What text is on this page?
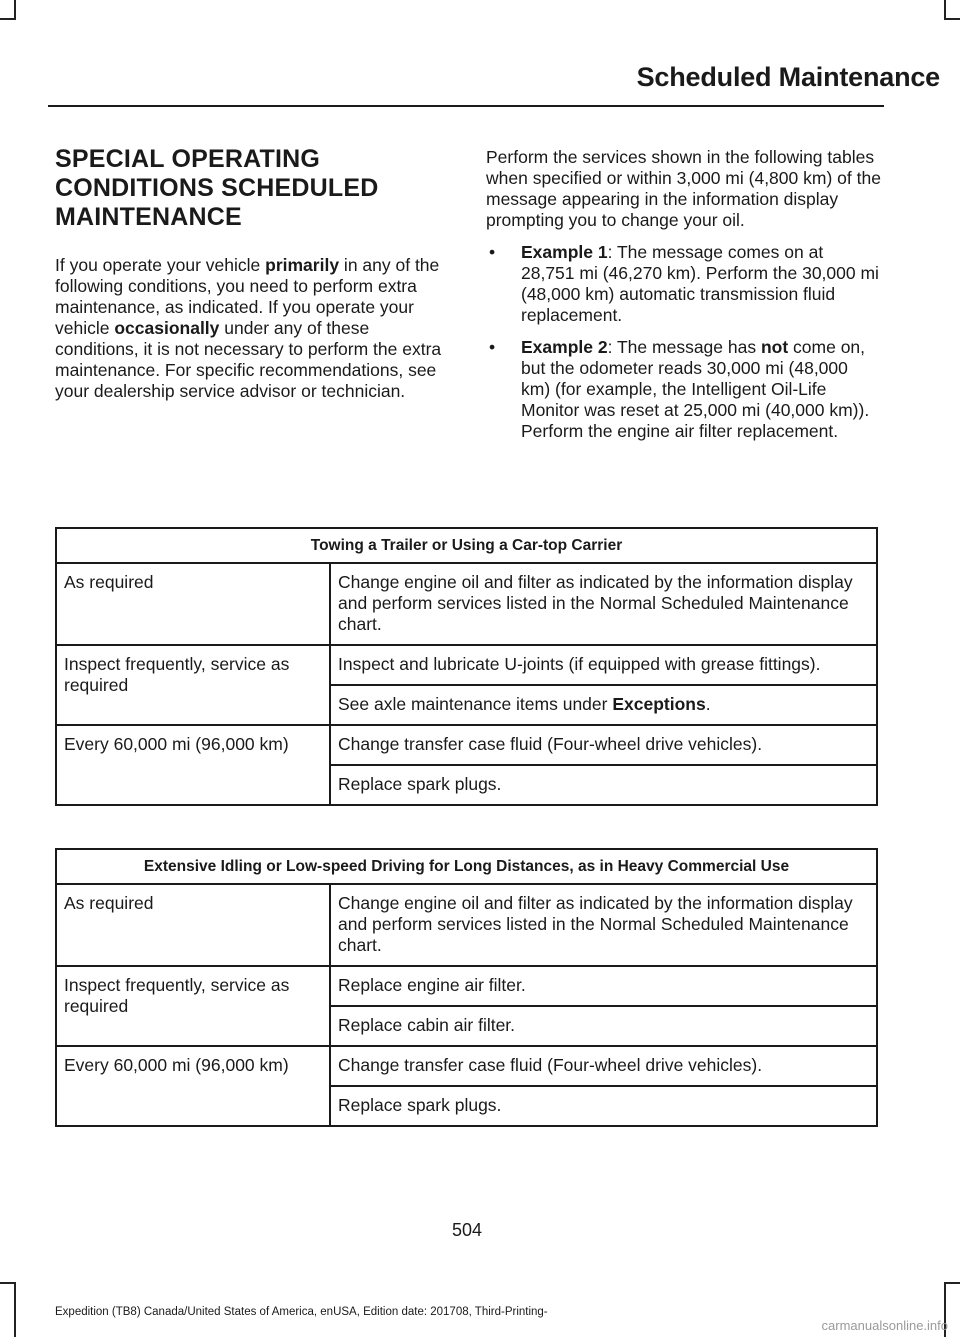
Scheduled Maintenance
SPECIAL OPERATING
CONDITIONS SCHEDULED
MAINTENANCE

If you operate your vehicle primarily in any of the following conditions, you need to perform extra maintenance, as indicated. If you operate your vehicle occasionally under any of these conditions, it is not necessary to perform the extra maintenance. For specific recommendations, see your dealership service advisor or technician.

Perform the services shown in the following tables when specified or within 3,000 mi (4,800 km) of the message appearing in the information display prompting you to change your oil.

• Example 1: The message comes on at 28,751 mi (46,270 km). Perform the 30,000 mi (48,000 km) automatic transmission fluid replacement.
• Example 2: The message has not come on, but the odometer reads 30,000 mi (48,000 km) (for example, the Intelligent Oil-Life Monitor was reset at 25,000 mi (40,000 km)). Perform the engine air filter replacement.
Towing a Trailer or Using a Car-top Carrier	
As required	Change engine oil and filter as indicated by the information display and perform services listed in the Normal Scheduled Maintenance chart.
Inspect frequently, service as required	Inspect and lubricate U-joints (if equipped with grease fittings).
	See axle maintenance items under Exceptions.
Every 60,000 mi (96,000 km)	Change transfer case fluid (Four-wheel drive vehicles).
	Replace spark plugs.
Extensive Idling or Low-speed Driving for Long Distances, as in Heavy Commercial Use	
As required	Change engine oil and filter as indicated by the information display and perform services listed in the Normal Scheduled Maintenance chart.
Inspect frequently, service as required	Replace engine air filter.
	Replace cabin air filter.
Every 60,000 mi (96,000 km)	Change transfer case fluid (Four-wheel drive vehicles).
	Replace spark plugs.
504
Expedition (TB8) Canada/United States of America, enUSA, Edition date: 201708, Third-Printing-
carmanualsonline.info
